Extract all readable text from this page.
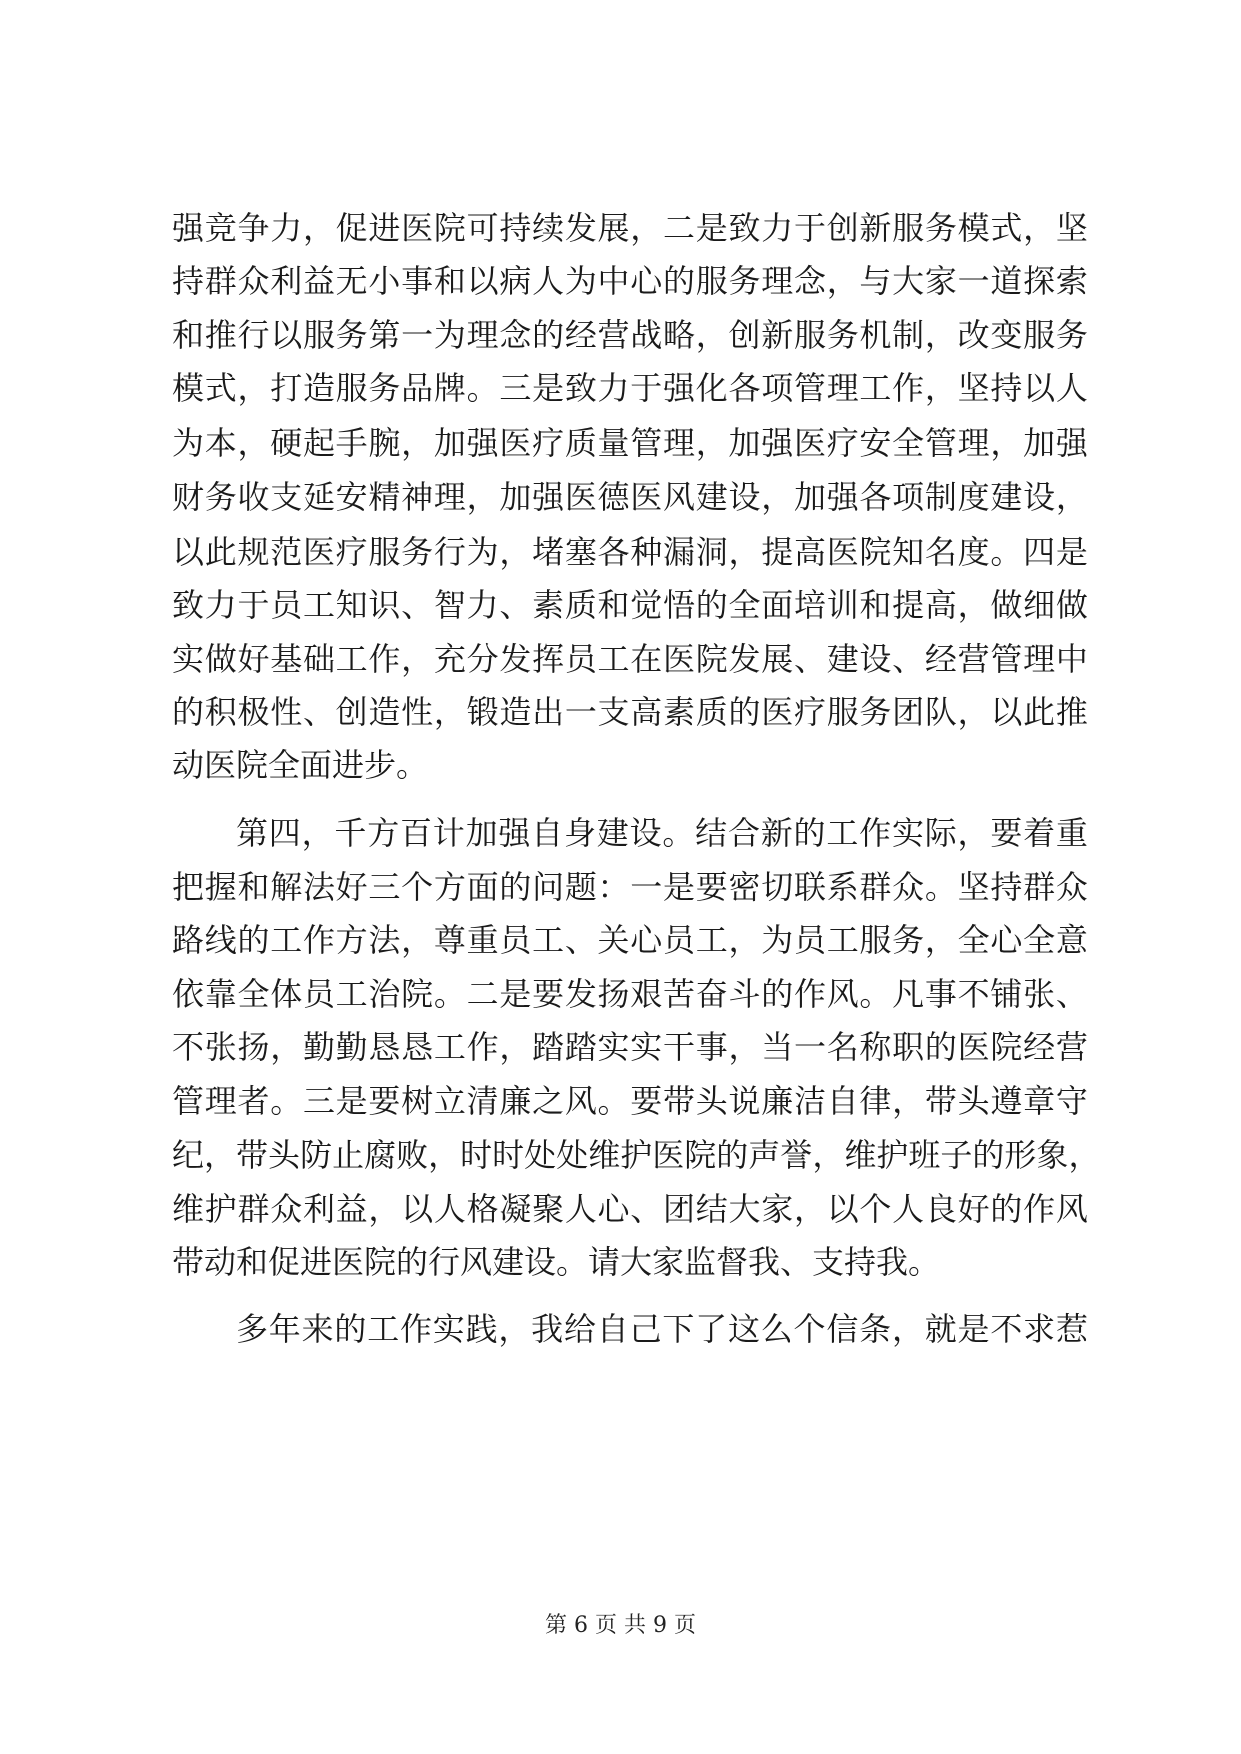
强 竞 争 力 ， 促 进 医 院 可 持 续 发 展 ， 二 是 致 力 于 创 新 服 务 模 式 ， 坚
持 群 众 利 益 无 小 事 和 以 病 人 为 中 心 的 服 务 理 念 ， 与 大 家 一 道 探 索
和 推 行 以 服 务 第 一 为 理 念 的 经 营 战 略 ， 创 新 服 务 机 制 ， 改 变 服 务
模 式 ， 打 造 服 务 品 牌 。 三 是 致 力 于 强 化 各 项 管 理 工 作 ， 坚 持 以 人
为 本 ， 硬 起 手 腕 ， 加 强 医 疗 质 量 管 理 ， 加 强 医 疗 安 全 管 理 ， 加 强
财 务 收 支 延 安 精 神 理 ， 加 强 医 德 医 风 建 设 ， 加 强 各 项 制 度 建 设 ，
以 此 规 范 医 疗 服 务 行 为 ， 堵 塞 各 种 漏 洞 ， 提 高 医 院 知 名 度 。 四 是
致 力 于 员 工 知 识 、 智 力 、 素 质 和 觉 悟 的 全 面 培 训 和 提 高 ， 做 细 做
实 做 好 基 础 工 作 ， 充 分 发 挥 员 工 在 医 院 发 展 、 建 设 、 经 营 管 理 中
的 积 极 性 、 创 造 性 ， 锻 造 出 一 支 高 素 质 的 医 疗 服 务 团 队 ， 以 此 推
动医院全面进步。
第 四 ， 千 方 百 计 加 强 自 身 建 设 。 结 合 新 的 工 作 实 际 ， 要 着 重
把 握 和 解 法 好 三 个 方 面 的 问 题 ： 一 是 要 密 切 联 系 群 众 。 坚 持 群 众
路 线 的 工 作 方 法 ， 尊 重 员 工 、 关 心 员 工 ， 为 员 工 服 务 ， 全 心 全 意
依 靠 全 体 员 工 治 院 。 二 是 要 发 扬 艰 苦 奋 斗 的 作 风 。 凡 事 不 铺 张 、
不 张 扬 ， 勤 勤 恳 恳 工 作 ， 踏 踏 实 实 干 事 ， 当 一 名 称 职 的 医 院 经 营
管 理 者 。 三 是 要 树 立 清 廉 之 风 。 要 带 头 说 廉 洁 自 律 ， 带 头 遵 章 守
纪 ， 带 头 防 止 腐 败 ， 时 时 处 处 维 护 医 院 的 声 誉 ， 维 护 班 子 的 形 象 ，
维 护 群 众 利 益 ， 以 人 格 凝 聚 人 心 、 团 结 大 家 ， 以 个 人 良 好 的 作 风
带动和促进医院的行风建设。请大家监督我、支持我。
多 年 来 的 工 作 实 践 ， 我 给 自 己 下 了 这 么 个 信 条 ， 就 是 不 求 惹
第 6 页 共 9 页
